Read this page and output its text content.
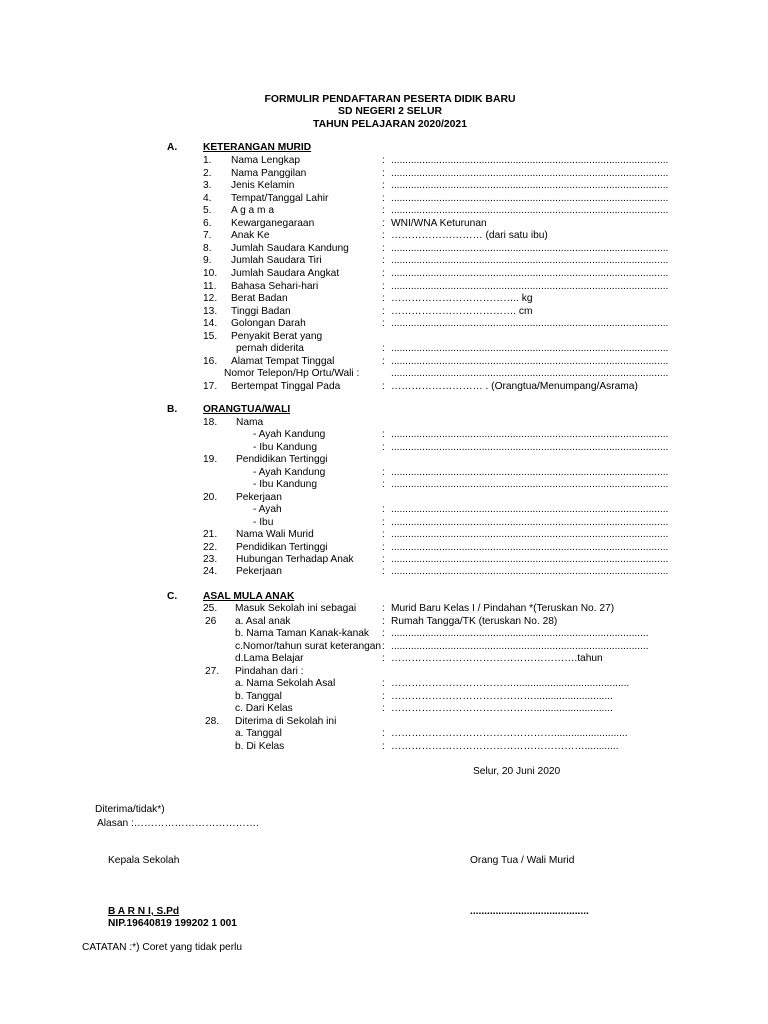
FORMULIR PENDAFTARAN PESERTA DIDIK BARU
SD NEGERI 2 SELUR
TAHUN PELAJARAN 2020/2021
A.	KETERANGAN MURID
1. Nama Lengkap	: ..................................................................................................
2. Nama Panggilan	: ..................................................................................................
3. Jenis Kelamin	: ..................................................................................................
4. Tempat/Tanggal Lahir	: ..................................................................................................
5. A g a m a	: ..................................................................................................
6. Kewarganegaraan	: WNI/WNA Keturunan
7. Anak Ke	: ……………………… (dari satu ibu)
8. Jumlah Saudara Kandung	: ..................................................................................................
9. Jumlah Saudara Tiri	: ..................................................................................................
10. Jumlah Saudara Angkat	: ..................................................................................................
11. Bahasa Sehari-hari	: ..................................................................................................
12. Berat Badan	: ……………………………….. kg
13. Tinggi Badan	: ………………………………. cm
14. Golongan Darah	: ..................................................................................................
15. Penyakit Berat yang
pernah diderita	: ..................................................................................................
16. Alamat Tempat Tinggal	: ..................................................................................................
Nomor Telepon/Hp Ortu/Wali :	..................................................................................................
17. Bertempat Tinggal Pada	: ……………………… . (Orangtua/Menumpang/Asrama)
B.	ORANGTUA/WALI
18. Nama
- Ayah Kandung	: ..................................................................................................
- Ibu Kandung	: ..................................................................................................
19. Pendidikan Tertinggi
- Ayah Kandung	: ..................................................................................................
- Ibu Kandung	: ..................................................................................................
20. Pekerjaan
- Ayah	: ..................................................................................................
- Ibu	: ..................................................................................................
21. Nama Wali Murid	: ..................................................................................................
22. Pendidikan Tertinggi	: ..................................................................................................
23. Hubungan Terhadap Anak	: ..................................................................................................
24. Pekerjaan	: ..................................................................................................
C.	ASAL MULA ANAK
25. Masuk Sekolah ini sebagai	: Murid Baru Kelas I / Pindahan *(Teruskan No. 27)
26 a. Asal anak	: Rumah Tangga/TK (teruskan No. 28)
b. Nama Taman Kanak-kanak : ...........................................................................................
c.Nomor/tahun surat keterangan : ...........................................................................................
d.Lama Belajar	: ……………………………………………….tahun
27. Pindahan dari :
a. Nama Sekolah Asal	: ……………………………….........................................
b. Tanggal	: ……………………………………............................
c. Dari Kelas	: ……………………………………............................
28. Diterima di Sekolah ini
a. Tanggal	: …………………………………………..........................
b. Di Kelas	: …………………………………………………............
Selur, 20 Juni 2020
Diterima/tidak*)
Alasan :……………………………….
Kepala Sekolah	Orang Tua / Wali Murid
B A R N I, S.Pd	..........................................
NIP.19640819 199202 1 001
CATATAN :*) Coret yang tidak perlu
